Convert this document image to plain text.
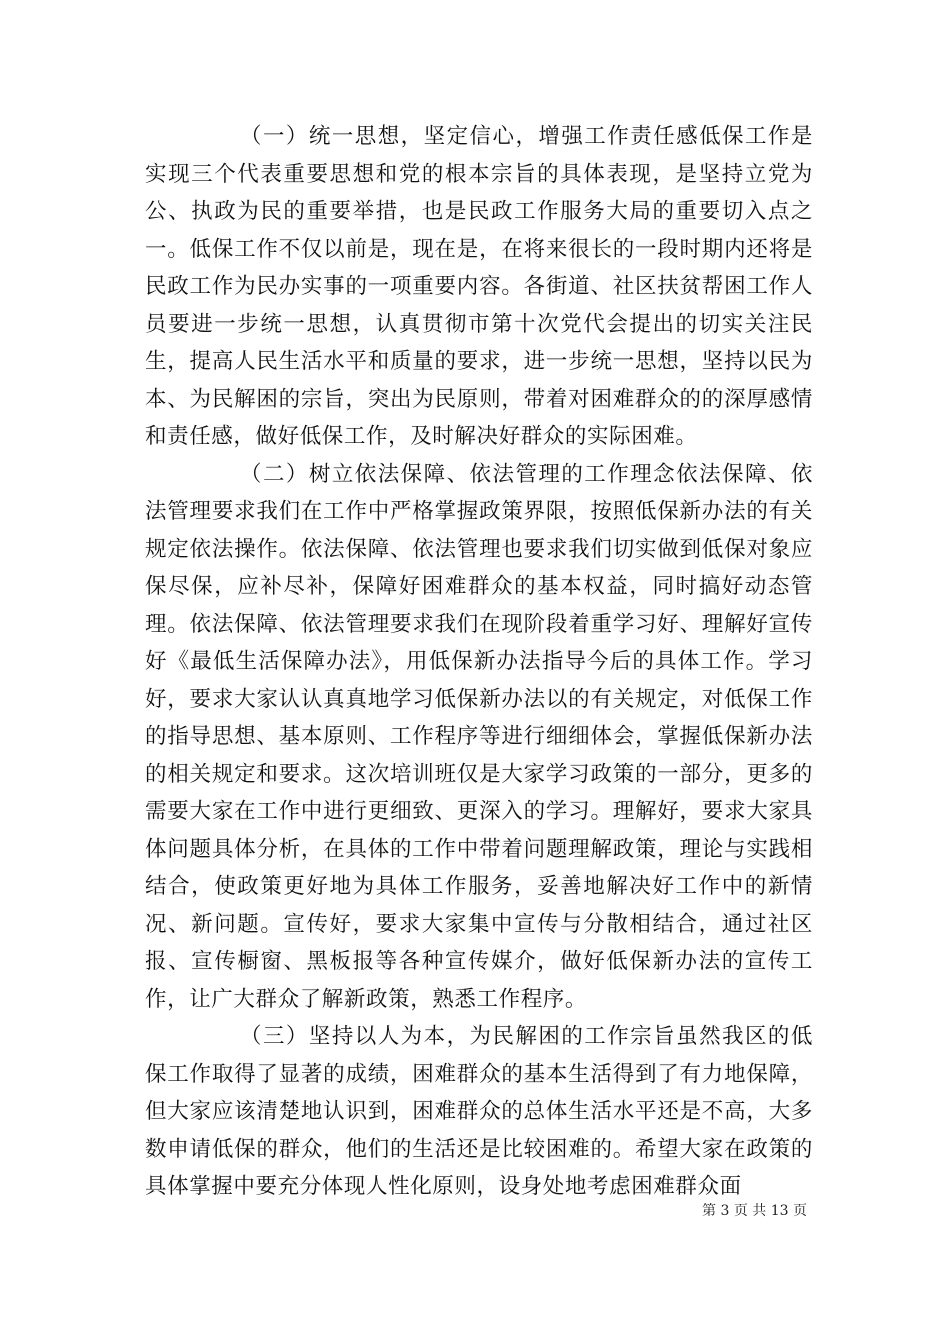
（一）统一思想，坚定信心，增强工作责任感低保工作是实现三个代表重要思想和党的根本宗旨的具体表现，是坚持立党为公、执政为民的重要举措，也是民政工作服务大局的重要切入点之一。低保工作不仅以前是，现在是，在将来很长的一段时期内还将是民政工作为民办实事的一项重要内容。各街道、社区扶贫帮困工作人员要进一步统一思想，认真贯彻市第十次党代会提出的切实关注民生，提高人民生活水平和质量的要求，进一步统一思想，坚持以民为本、为民解困的宗旨，突出为民原则，带着对困难群众的的深厚感情和责任感，做好低保工作，及时解决好群众的实际困难。

（二）树立依法保障、依法管理的工作理念依法保障、依法管理要求我们在工作中严格掌握政策界限，按照低保新办法的有关规定依法操作。依法保障、依法管理也要求我们切实做到低保对象应保尽保，应补尽补，保障好困难群众的基本权益，同时搞好动态管理。依法保障、依法管理要求我们在现阶段着重学习好、理解好宣传好《最低生活保障办法》，用低保新办法指导今后的具体工作。学习好，要求大家认认真真地学习低保新办法以的有关规定，对低保工作的指导思想、基本原则、工作程序等进行细细体会，掌握低保新办法的相关规定和要求。这次培训班仅是大家学习政策的一部分，更多的需要大家在工作中进行更细致、更深入的学习。理解好，要求大家具体问题具体分析，在具体的工作中带着问题理解政策，理论与实践相结合，使政策更好地为具体工作服务，妥善地解决好工作中的新情况、新问题。宣传好，要求大家集中宣传与分散相结合，通过社区报、宣传橱窗、黑板报等各种宣传媒介，做好低保新办法的宣传工作，让广大群众了解新政策，熟悉工作程序。

（三）坚持以人为本，为民解困的工作宗旨虽然我区的低保工作取得了显著的成绩，困难群众的基本生活得到了有力地保障，但大家应该清楚地认识到，困难群众的总体生活水平还是不高，大多数申请低保的群众，他们的生活还是比较困难的。希望大家在政策的具体掌握中要充分体现人性化原则，设身处地考虑困难群众面

第 3 页 共 13 页
